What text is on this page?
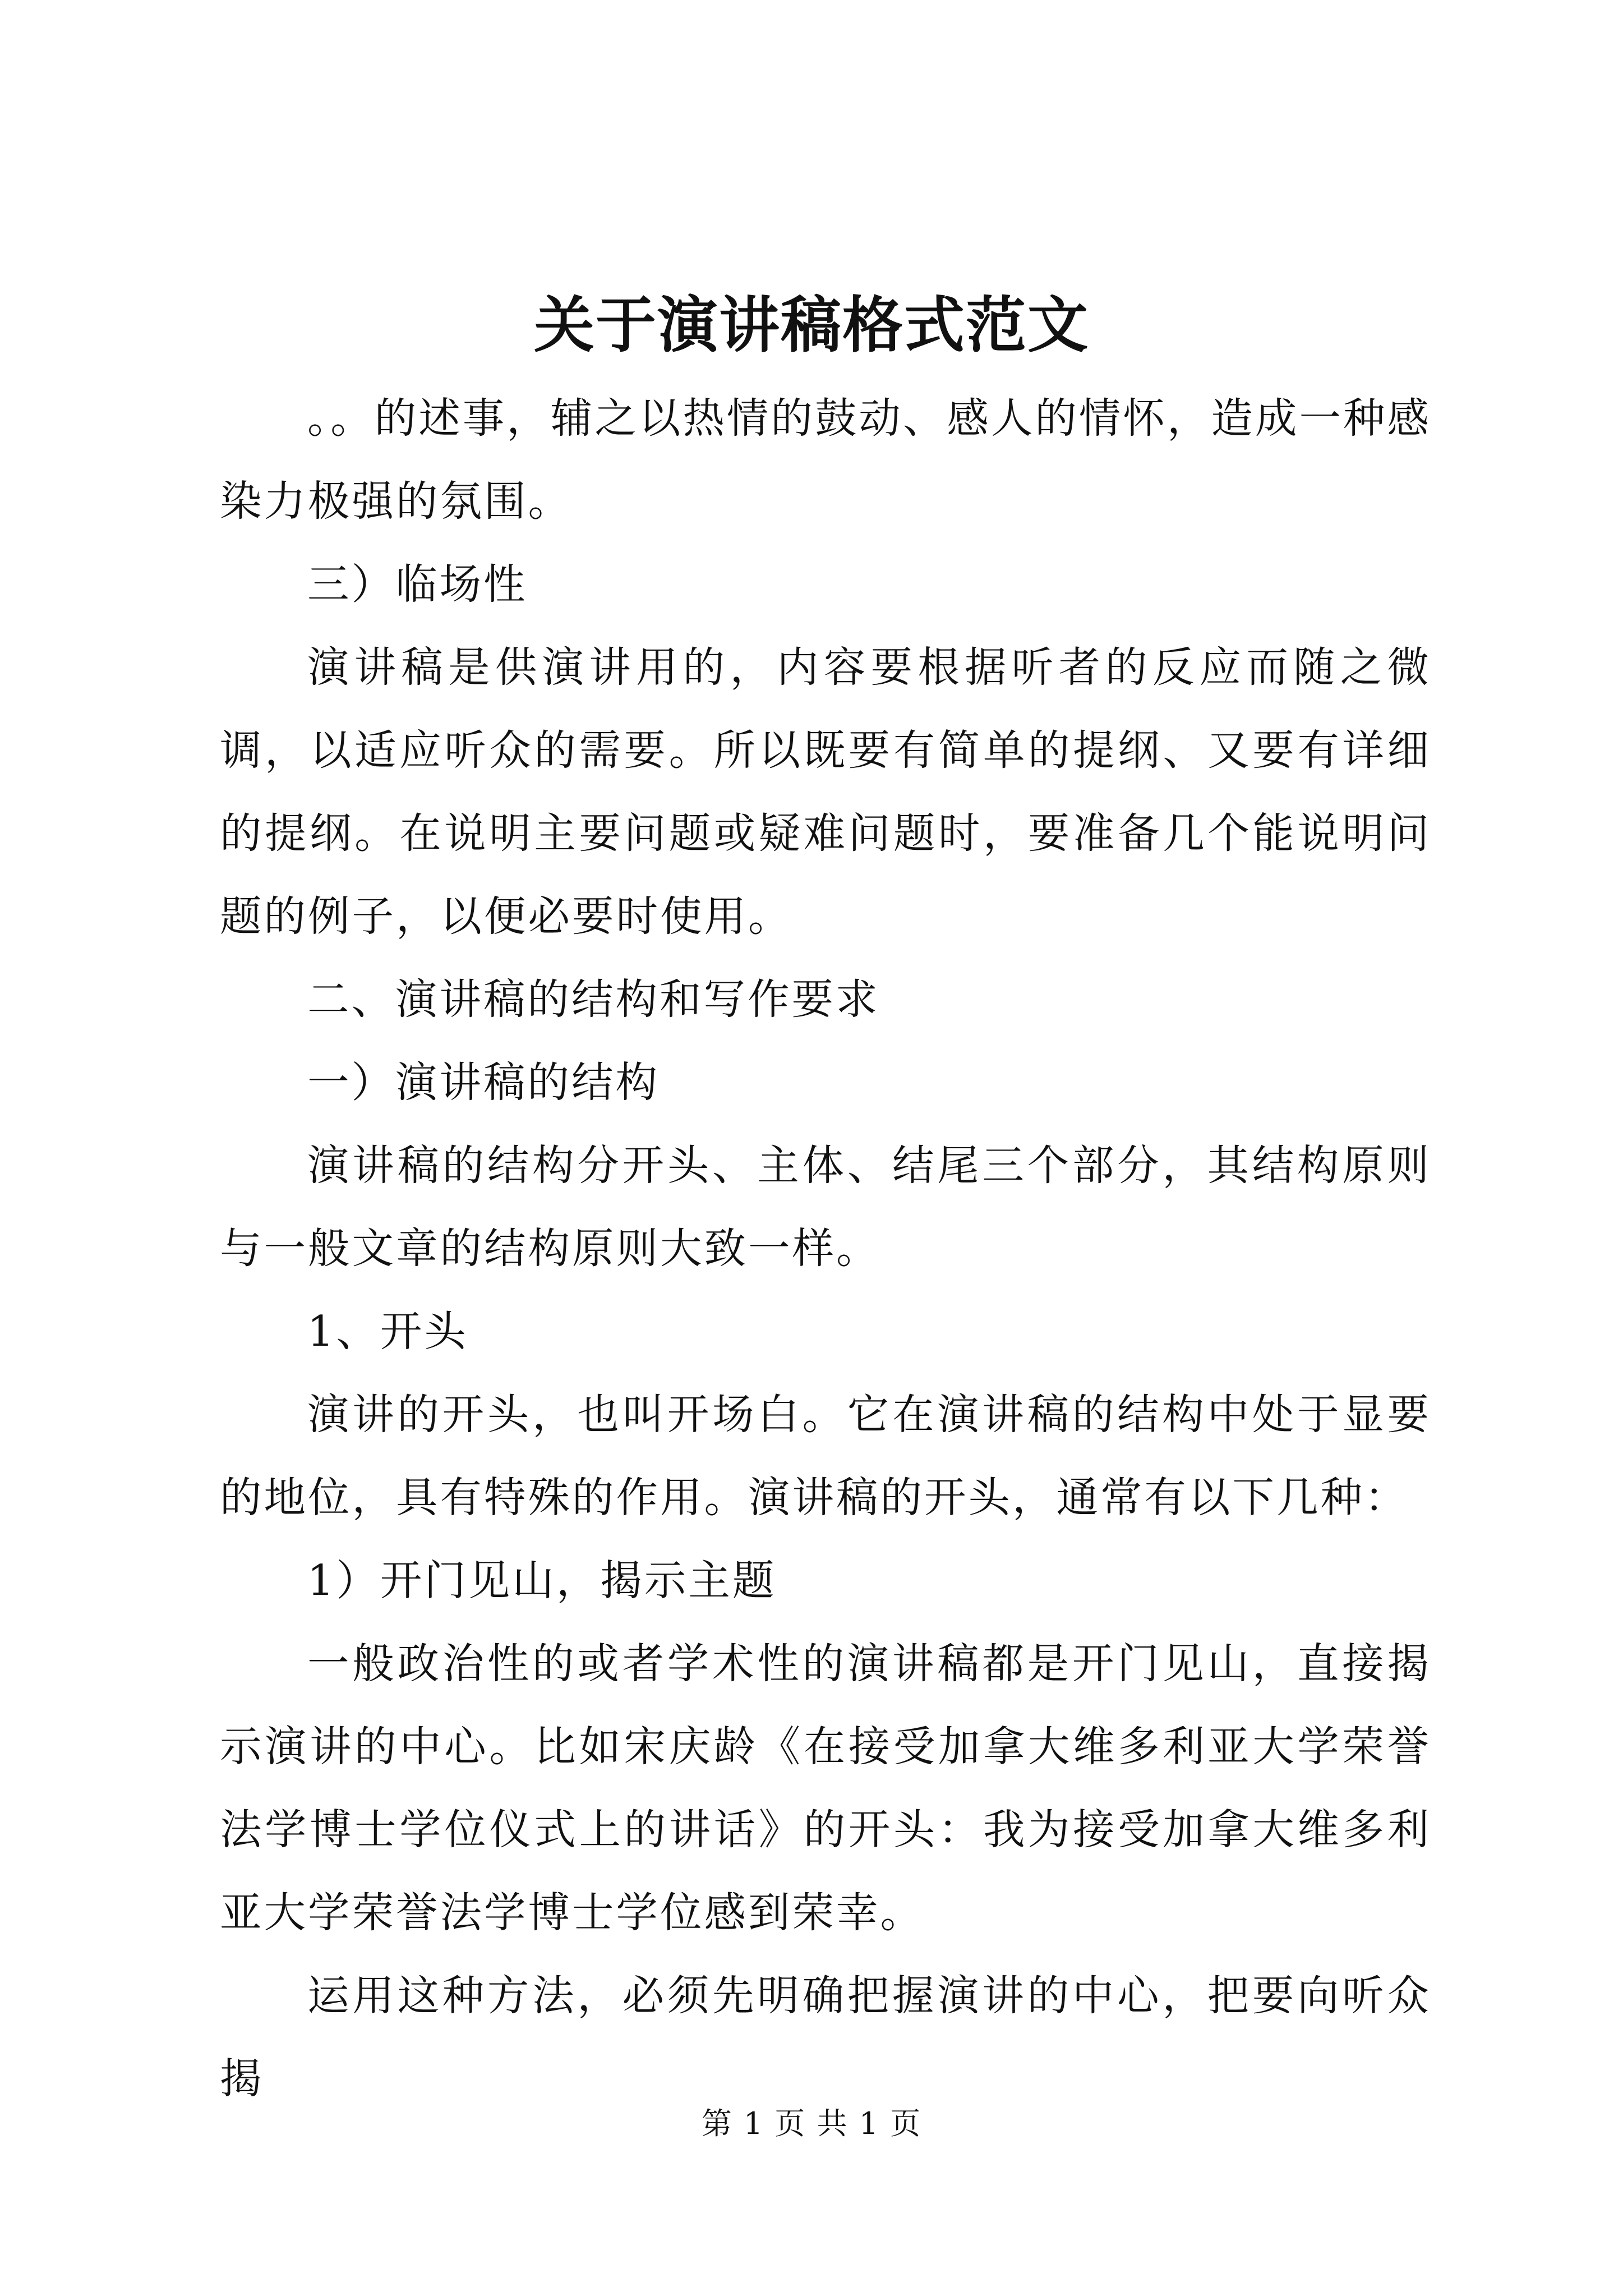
关于演讲稿格式范文

。。的述事，辅之以热情的鼓动、感人的情怀，造成一种感染力极强的氛围。

三）临场性

演讲稿是供演讲用的，内容要根据听者的反应而随之微调，以适应听众的需要。所以既要有简单的提纲、又要有详细的提纲。在说明主要问题或疑难问题时，要准备几个能说明问题的例子，以便必要时使用。

二、演讲稿的结构和写作要求

一）演讲稿的结构

演讲稿的结构分开头、主体、结尾三个部分，其结构原则与一般文章的结构原则大致一样。

1、开头

演讲的开头，也叫开场白。它在演讲稿的结构中处于显要的地位，具有特殊的作用。演讲稿的开头，通常有以下几种：

1）开门见山，揭示主题

一般政治性的或者学术性的演讲稿都是开门见山，直接揭示演讲的中心。比如宋庆龄《在接受加拿大维多利亚大学荣誉法学博士学位仪式上的讲话》的开头：我为接受加拿大维多利亚大学荣誉法学博士学位感到荣幸。

运用这种方法，必须先明确把握演讲的中心，把要向听众揭

第 1 页 共 1 页
